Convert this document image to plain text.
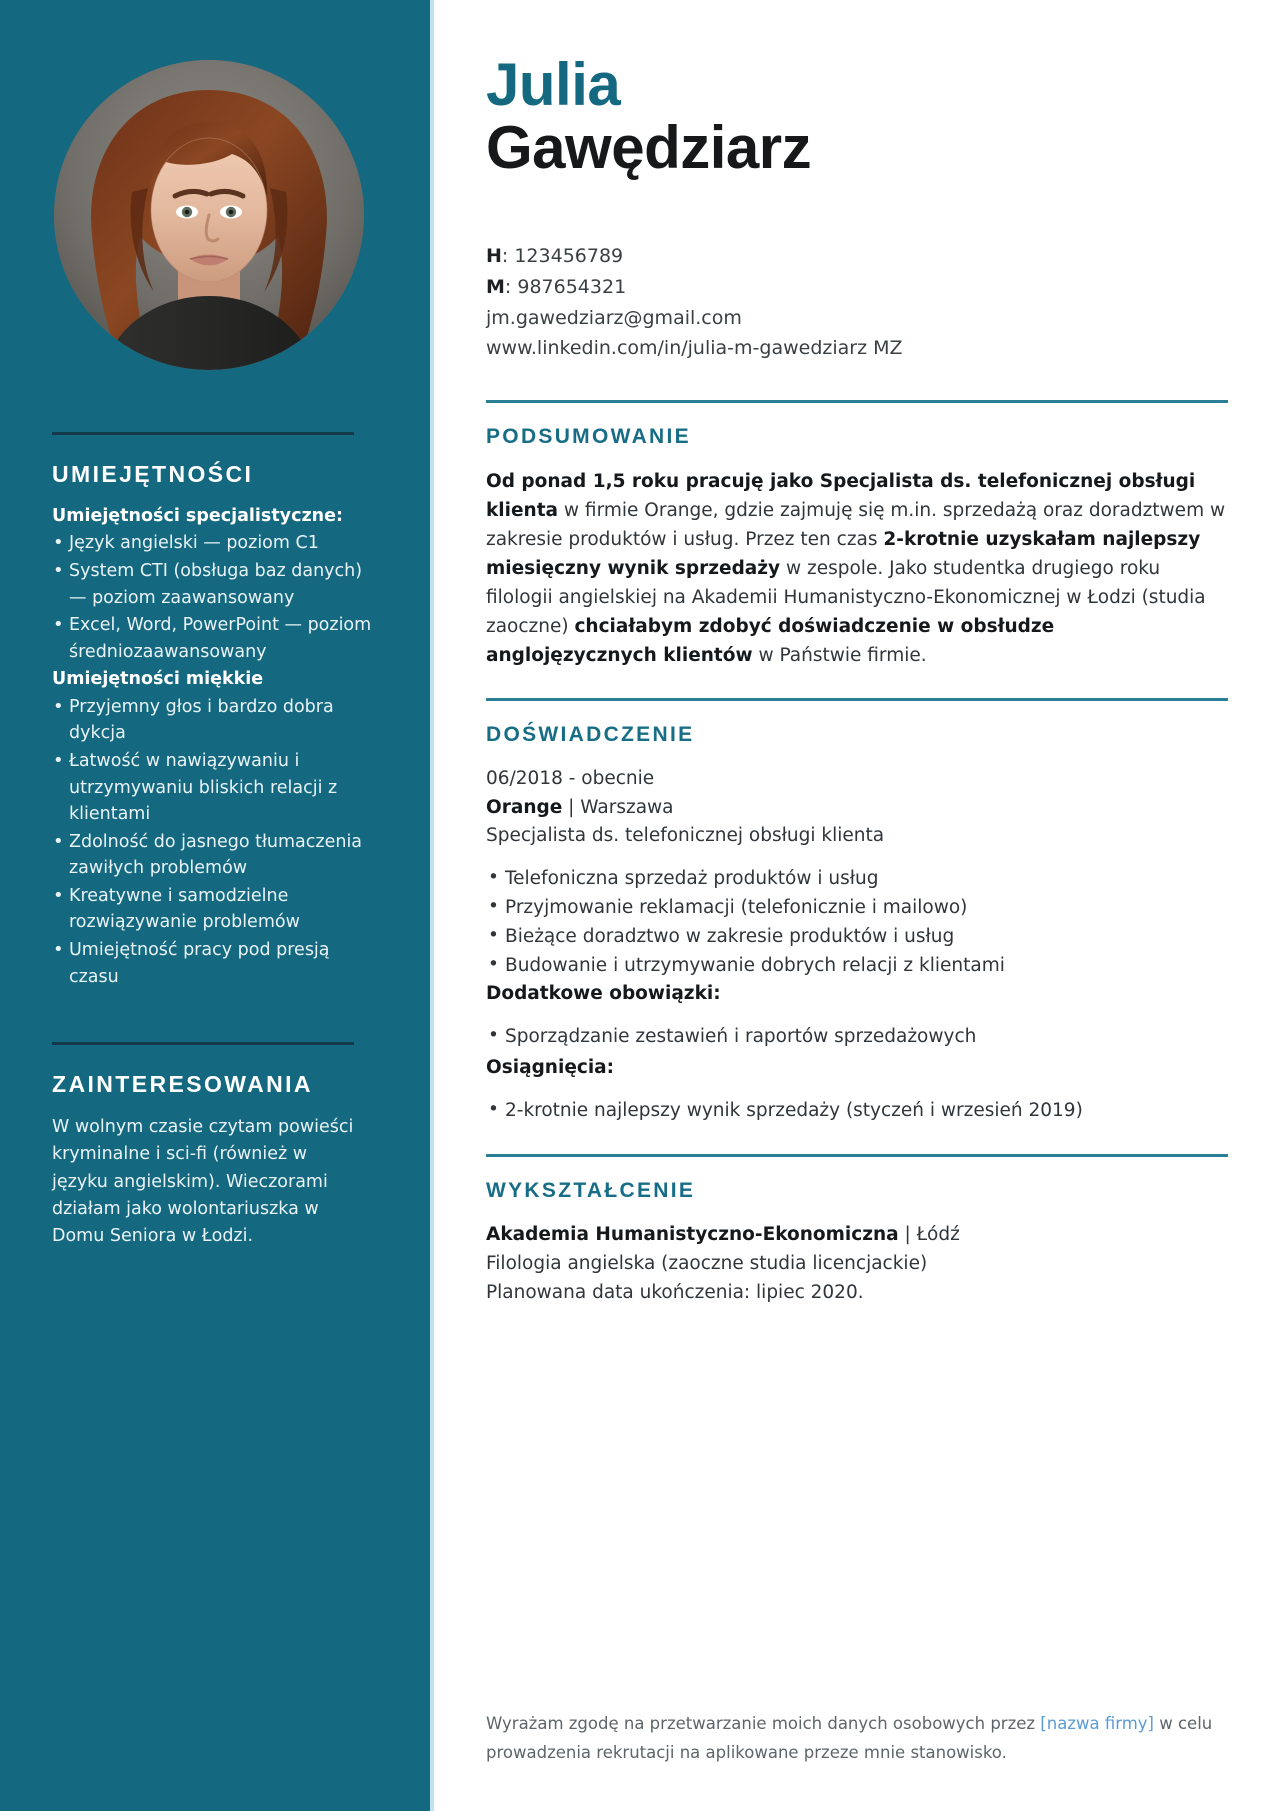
UMIEJĘTNOŚCI
Umiejętności specjalistyczne:
• Język angielski — poziom C1
• System CTI (obsługa baz danych) — poziom zaawansowany
• Excel, Word, PowerPoint — poziom średniozaawansowany
Umiejętności miękkie
• Przyjemny głos i bardzo dobra dykcja
• Łatwość w nawiązywaniu i utrzymywaniu bliskich relacji z klientami
• Zdolność do jasnego tłumaczenia zawiłych problemów
• Kreatywne i samodzielne rozwiązywanie problemów
• Umiejętność pracy pod presją czasu
ZAINTERESOWANIA

W wolnym czasie czytam powieści kryminalne i sci-fi (również w języku angielskim). Wieczorami działam jako wolontariuszka w Domu Seniora w Łodzi.

Julia
Gawędziarz
H: 123456789
M: 987654321
jm.gawedziarz@gmail.com
www.linkedin.com/in/julia-m-gawedziarz MZ
PODSUMOWANIE

Od ponad 1,5 roku pracuję jako Specjalista ds. telefonicznej obsługi klienta w firmie Orange, gdzie zajmuję się m.in. sprzedażą oraz doradztwem w zakresie produktów i usług. Przez ten czas 2-krotnie uzyskałam najlepszy miesięczny wynik sprzedaży w zespole. Jako studentka drugiego roku filologii angielskiej na Akademii Humanistyczno-Ekonomicznej w Łodzi (studia zaoczne) chciałabym zdobyć doświadczenie w obsłudze anglojęzycznych klientów w Państwie firmie.

DOŚWIADCZENIE
06/2018 - obecnie
Orange | Warszawa
Specjalista ds. telefonicznej obsługi klienta
• Telefoniczna sprzedaż produktów i usług
• Przyjmowanie reklamacji (telefonicznie i mailowo)
• Bieżące doradztwo w zakresie produktów i usług
• Budowanie i utrzymywanie dobrych relacji z klientami
Dodatkowe obowiązki:
• Sporządzanie zestawień i raportów sprzedażowych
Osiągnięcia:
• 2-krotnie najlepszy wynik sprzedaży (styczeń i wrzesień 2019)
WYKSZTAŁCENIE
Akademia Humanistyczno-Ekonomiczna | Łódź
Filologia angielska (zaoczne studia licencjackie)
Planowana data ukończenia: lipiec 2020.
Wyrażam zgodę na przetwarzanie moich danych osobowych przez [nazwa firmy] w celu prowadzenia rekrutacji na aplikowane przeze mnie stanowisko.
